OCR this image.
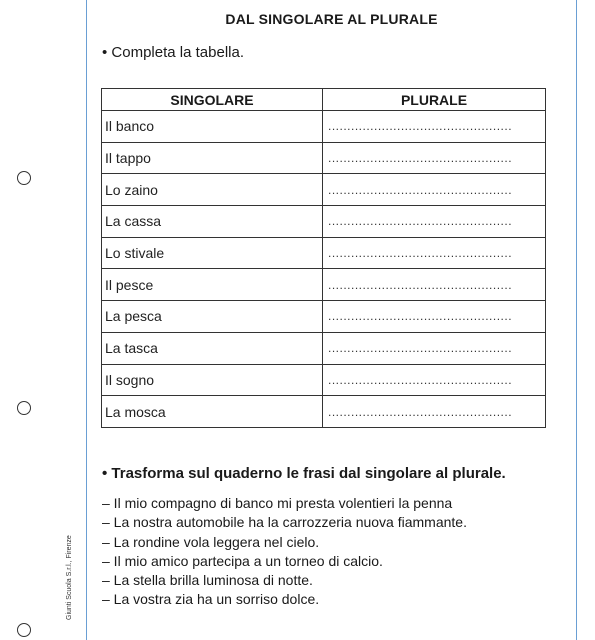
DAL SINGOLARE AL PLURALE
• Completa la tabella.
SINGOLARE	PLURALE
Il banco	................................................
Il tappo	................................................
Lo zaino	................................................
La cassa	................................................
Lo stivale	................................................
Il pesce	................................................
La pesca	................................................
La tasca	................................................
Il sogno	................................................
La mosca	................................................
• Trasforma sul quaderno le frasi dal singolare al plurale.
– Il mio compagno di banco mi presta volentieri la penna
– La nostra automobile ha la carrozzeria nuova fiammante.
– La rondine vola leggera nel cielo.
– Il mio amico partecipa a un torneo di calcio.
– La stella brilla luminosa di notte.
– La vostra zia ha un sorriso dolce.
Giunti Scuola S.r.l., Firenze
